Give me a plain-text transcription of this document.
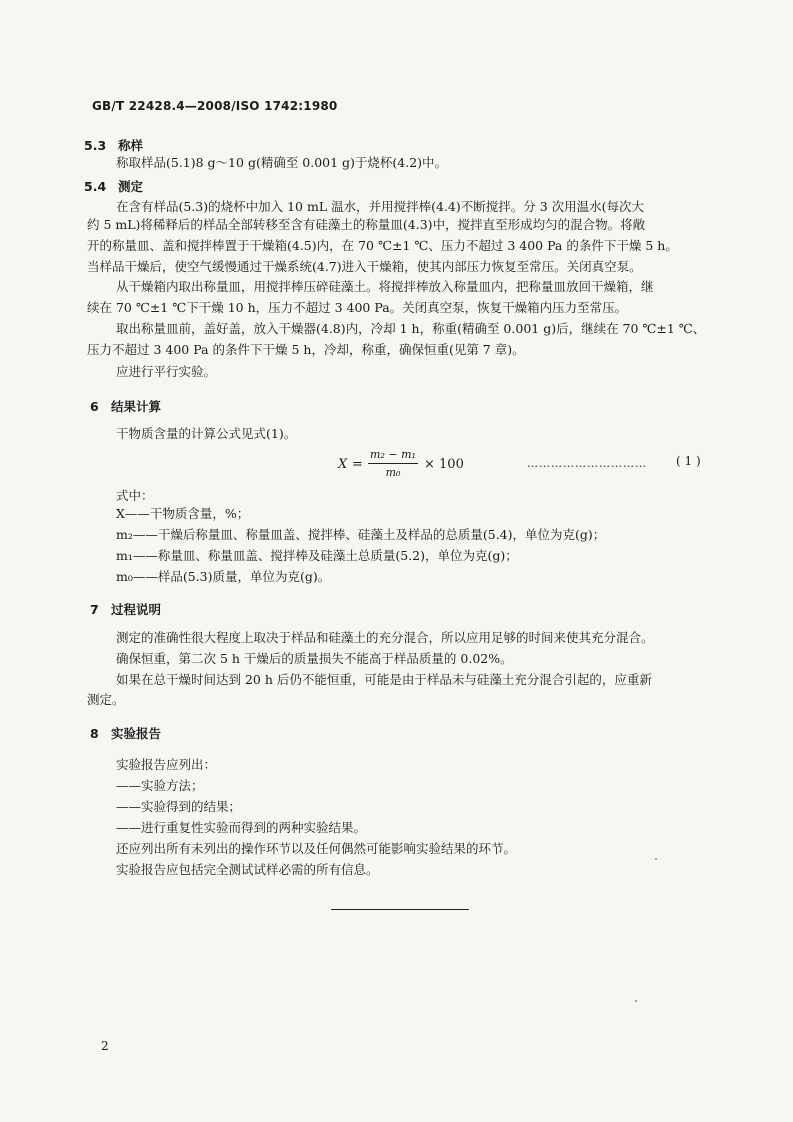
GB/T 22428.4—2008/ISO 1742:1980
5.3 称样
称取样品(5.1)8 g～10 g(精确至 0.001 g)于烧杯(4.2)中。
5.4 测定
在含有样品(5.3)的烧杯中加入 10 mL 温水，并用搅拌棒(4.4)不断搅拌。分 3 次用温水(每次大
约 5 mL)将稀释后的样品全部转移至含有硅藻土的称量皿(4.3)中，搅拌直至形成均匀的混合物。将敞
开的称量皿、盖和搅拌棒置于干燥箱(4.5)内，在 70 ℃±1 ℃、压力不超过 3 400 Pa 的条件下干燥 5 h。
当样品干燥后，使空气缓慢通过干燥系统(4.7)进入干燥箱，使其内部压力恢复至常压。关闭真空泵。
从干燥箱内取出称量皿，用搅拌棒压碎硅藻土。将搅拌棒放入称量皿内，把称量皿放回干燥箱，继
续在 70 ℃±1 ℃下干燥 10 h，压力不超过 3 400 Pa。关闭真空泵，恢复干燥箱内压力至常压。
取出称量皿前，盖好盖，放入干燥器(4.8)内，冷却 1 h，称重(精确至 0.001 g)后，继续在 70 ℃±1 ℃、
压力不超过 3 400 Pa 的条件下干燥 5 h，冷却，称重，确保恒重(见第 7 章)。
应进行平行实验。
6 结果计算
干物质含量的计算公式见式(1)。
X =
m₂ − m₁
m₀
× 100	………………………… ( 1 )
式中：
X——干物质含量，%；
m₂——干燥后称量皿、称量皿盖、搅拌棒、硅藻土及样品的总质量(5.4)，单位为克(g)；
m₁——称量皿、称量皿盖、搅拌棒及硅藻土总质量(5.2)，单位为克(g)；
m₀——样品(5.3)质量，单位为克(g)。
7 过程说明
测定的准确性很大程度上取决于样品和硅藻土的充分混合，所以应用足够的时间来使其充分混合。
确保恒重，第二次 5 h 干燥后的质量损失不能高于样品质量的 0.02%。
如果在总干燥时间达到 20 h 后仍不能恒重，可能是由于样品未与硅藻土充分混合引起的，应重新
测定。
8 实验报告
实验报告应列出：
——实验方法；
——实验得到的结果；
——进行重复性实验而得到的两种实验结果。
还应列出所有未列出的操作环节以及任何偶然可能影响实验结果的环节。
实验报告应包括完全测试试样必需的所有信息。
2
